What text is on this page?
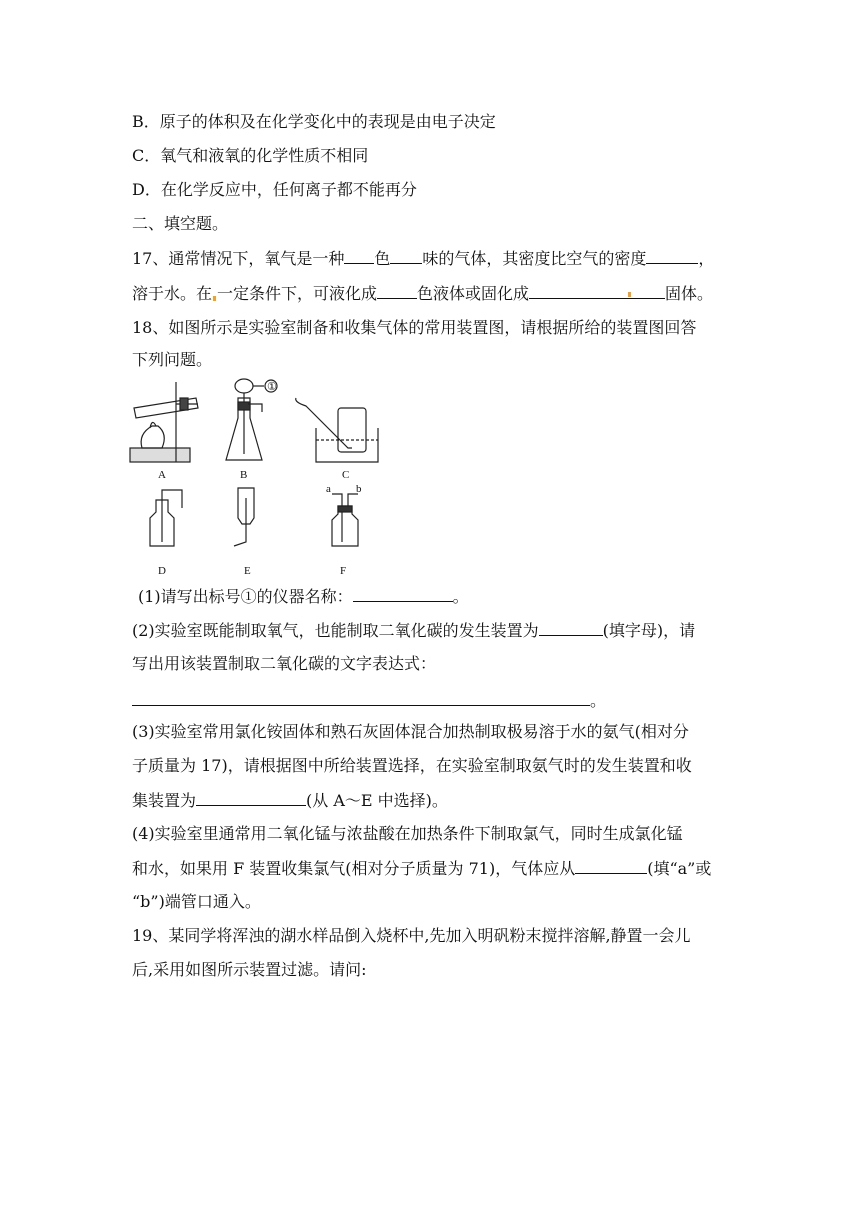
B．原子的体积及在化学变化中的表现是由电子决定
C．氧气和液氧的化学性质不相同
D．在化学反应中，任何离子都不能再分
二、填空题。
17、通常情况下，氧气是一种 色 味的气体，其密度比空气的密度	，
溶于水。在 一定条件下，可液化成	色液体或固化成	固体。
18、如图所示是实验室制备和收集气体的常用装置图，请根据所给的装置图回答
下列问题。
A	B	C
D	E	F
①
a b
(1)请写出标号①的仪器名称：	。
(2)实验室既能制取氧气，也能制取二氧化碳的发生装置为	(填字母)，请
写出用该装置制取二氧化碳的文字表达式：
。
(3)实验室常用氯化铵固体和熟石灰固体混合加热制取极易溶于水的氨气(相对分
子质量为 17)，请根据图中所给装置选择，在实验室制取氨气时的发生装置和收
集装置为	(从 A～E 中选择)。
(4)实验室里通常用二氧化锰与浓盐酸在加热条件下制取氯气，同时生成氯化锰
和水，如果用 F 装置收集氯气(相对分子质量为 71)，气体应从	(填“a”或
“b”)端管口通入。
19、某同学将浑浊的湖水样品倒入烧杯中,先加入明矾粉末搅拌溶解,静置一会儿
后,采用如图所示装置过滤。请问:
